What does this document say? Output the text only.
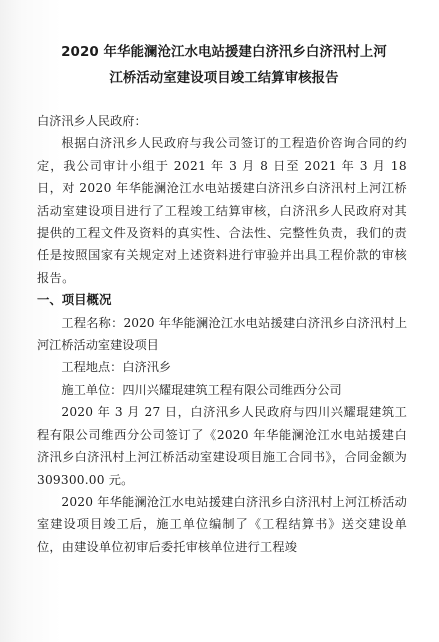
2020 年华能澜沧江水电站援建白济汛乡白济汛村上河
江桥活动室建设项目竣工结算审核报告

白济汛乡人民政府：

根据白济汛乡人民政府与我公司签订的工程造价咨询合同的约定，我公司审计小组于 2021 年 3 月 8 日至 2021 年 3 月 18 日，对 2020 年华能澜沧江水电站援建白济汛乡白济汛村上河江桥活动室建设项目进行了工程竣工结算审核，白济汛乡人民政府对其提供的工程文件及资料的真实性、合法性、完整性负责，我们的责任是按照国家有关规定对上述资料进行审验并出具工程价款的审核报告。

一、项目概况

工程名称：2020 年华能澜沧江水电站援建白济汛乡白济汛村上河江桥活动室建设项目

工程地点：白济汛乡

施工单位：四川兴耀琨建筑工程有限公司维西分公司

2020 年 3 月 27 日，白济汛乡人民政府与四川兴耀琨建筑工程有限公司维西分公司签订了《2020 年华能澜沧江水电站援建白济汛乡白济汛村上河江桥活动室建设项目施工合同书》，合同金额为 309300.00 元。

2020 年华能澜沧江水电站援建白济汛乡白济汛村上河江桥活动室建设项目竣工后，施工单位编制了《工程结算书》送交建设单位，由建设单位初审后委托审核单位进行工程竣
